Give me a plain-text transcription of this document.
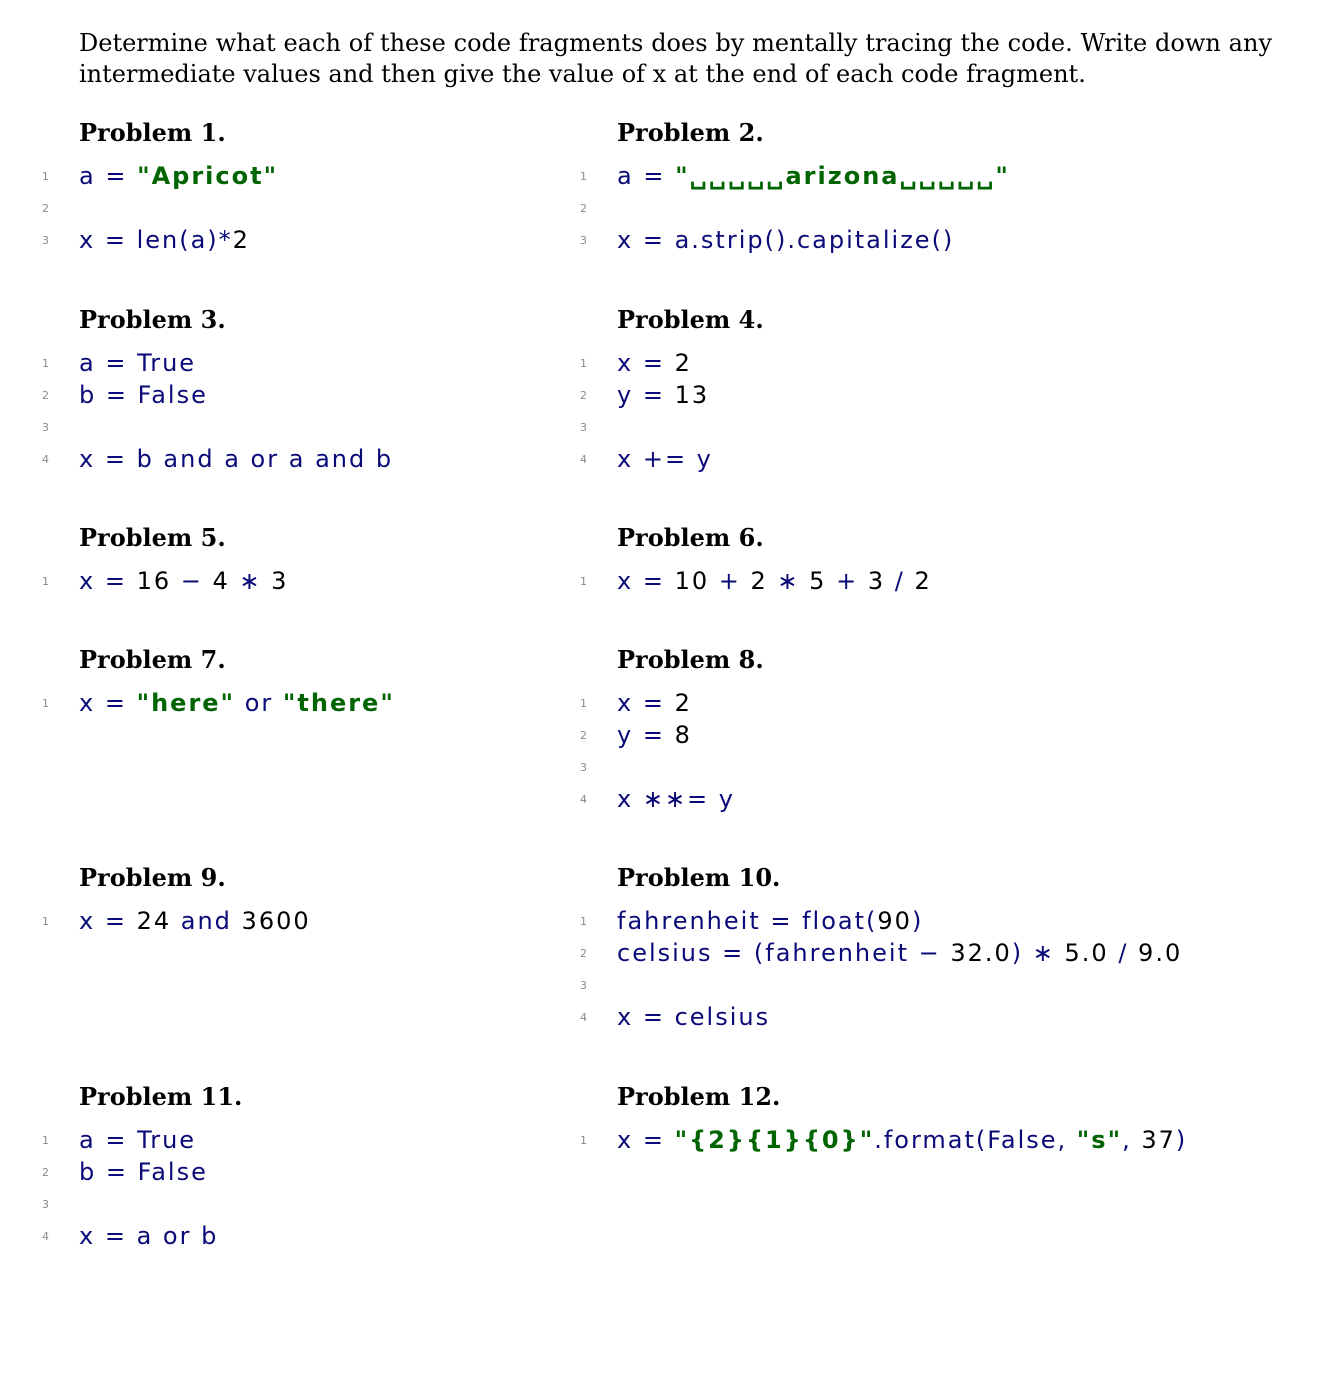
Determine what each of these code fragments does by mentally tracing the code. Write down any intermediate values and then give the value of x at the end of each code fragment.
Problem 1.
1 a = "Apricot"
2
3 x = len(a)*2
Problem 2.
1 a = "␣␣␣␣␣arizona␣␣␣␣␣"
2
3 x = a.strip().capitalize()
Problem 3.
1 a = True
2 b = False
3
4 x = b and a or a and b
Problem 4.
1 x = 2
2 y = 13
3
4 x += y
Problem 5.
1 x = 16 − 4 ∗ 3
Problem 6.
1 x = 10 + 2 ∗ 5 + 3 / 2
Problem 7.
1 x = "here" or "there"
Problem 8.
1 x = 2
2 y = 8
3
4 x ∗∗= y
Problem 9.
1 x = 24 and 3600
Problem 10.
1 fahrenheit = float(90)
2 celsius = (fahrenheit − 32.0) ∗ 5.0 / 9.0
3
4 x = celsius
Problem 11.
1 a = True
2 b = False
3
4 x = a or b
Problem 12.
1 x = "{2}{1}{0}".format(False, "s", 37)
